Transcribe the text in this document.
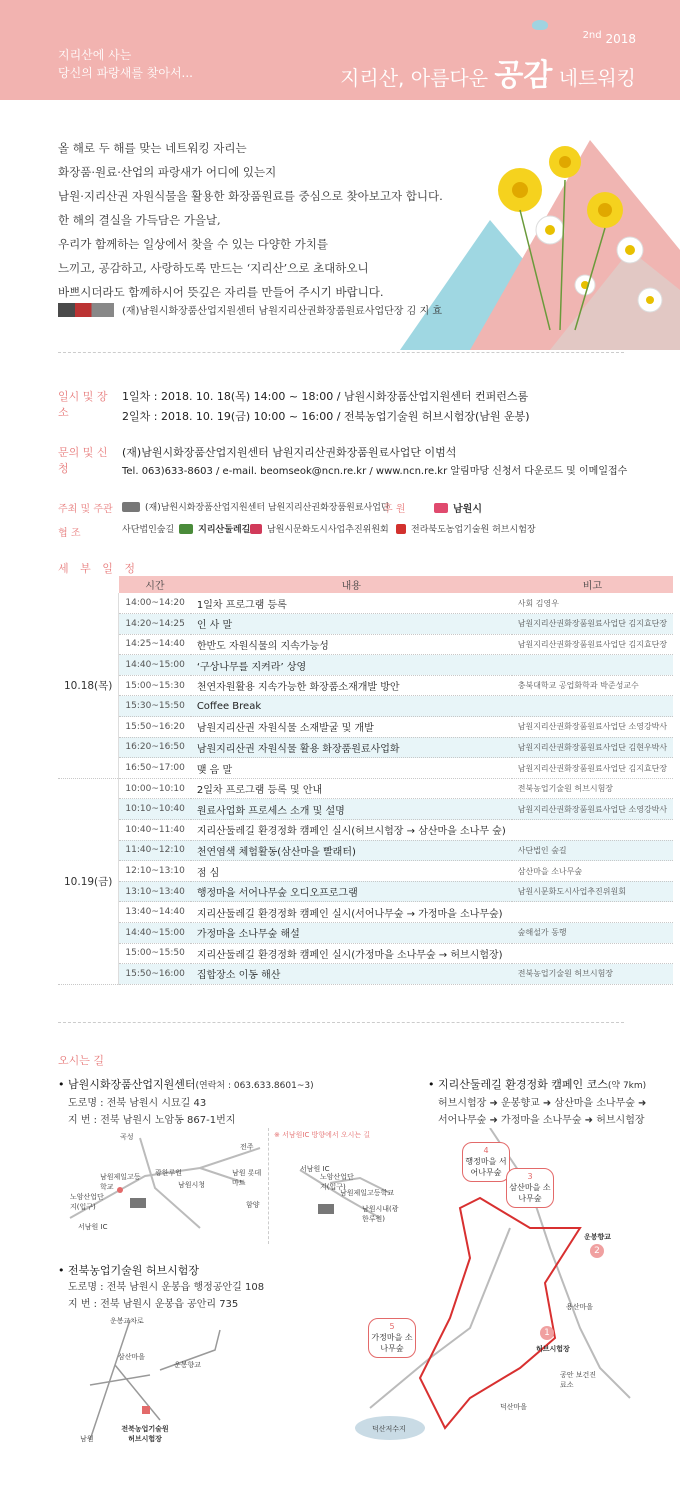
지리산에 사는
당신의 파랑새를 찾아서...
$^{2nd}$ 2018
지리산, 아름다운 공감 네트워킹
올 해로 두 해를 맞는 네트워킹 자리는
화장품·원료·산업의 파랑새가 어디에 있는지
남원·지리산권 자원식물을 활용한 화장품원료를 중심으로 찾아보고자 합니다.
한 해의 결실을 가득담은 가을날,
우리가 함께하는 일상에서 찾을 수 있는 다양한 가치를
느끼고, 공감하고, 사랑하도록 만드는 ‘지리산’으로 초대하오니
바쁘시더라도 함께하시어 뜻깊은 자리를 만들어 주시기 바랍니다.
(재)남원시화장품산업지원센터 남원지리산권화장품원료사업단장 김 지 효
일시 및 장소
1일차 : 2018. 10. 18(목) 14:00 ~ 18:00 / 남원시화장품산업지원센터 컨퍼런스룸
2일차 : 2018. 10. 19(금) 10:00 ~ 16:00 / 전북농업기술원 허브시험장(남원 운봉)
문의 및 신청
(재)남원시화장품산업지원센터 남원지리산권화장품원료사업단 이범석
Tel. 063)633-8603 / e-mail. beomseok@ncn.re.kr / www.ncn.re.kr 알림마당 신청서 다운로드 및 이메일접수
주최 및 주관	(재)남원시화장품산업지원센터 남원지리산권화장품원료사업단
후 원	남원시
협 조	사단법인숲길	지리산둘레길 남원시문화도시사업추진위원회 전라북도농업기술원 허브시험장
세 부 일 정
	시간	내용	비고
10.18(목)	14:00~14:20	1일차 프로그램 등록	사회 김영우
	14:20~14:25	인 사 말	남원지리산권화장품원료사업단 김지효단장
	14:25~14:40	한반도 자원식물의 지속가능성	남원지리산권화장품원료사업단 김지효단장
	14:40~15:00	‘구상나무를 지켜라’ 상영	
	15:00~15:30	천연자원활용 지속가능한 화장품소재개발 방안	충북대학교 공업화학과 박준성교수
	15:30~15:50	Coffee Break	
	15:50~16:20	남원지리산권 자원식물 소재발굴 및 개발	남원지리산권화장품원료사업단 소영강박사
	16:20~16:50	남원지리산권 자원식물 활용 화장품원료사업화	남원지리산권화장품원료사업단 김현우박사
	16:50~17:00	맺 음 말	남원지리산권화장품원료사업단 김지효단장
10.19(금)	10:00~10:10	2일차 프로그램 등록 및 안내	전북농업기술원 허브시험장
	10:10~10:40	원료사업화 프로세스 소개 및 설명	남원지리산권화장품원료사업단 소영강박사
	10:40~11:40	지리산둘레길 환경정화 캠페인 실시(허브시험장 → 삼산마을 소나무 숲)	
	11:40~12:10	천연염색 체험활동(삼산마을 빨래터)	사단법인 숲길
	12:10~13:10	점 심	삼산마을 소나무숲
	13:10~13:40	행정마을 서어나무숲 오디오프로그램	남원시문화도시사업추진위원회
	13:40~14:40	지리산둘레길 환경정화 캠페인 실시(서어나무숲 → 가정마을 소나무숲)	
	14:40~15:00	가정마을 소나무숲 해설	숲해설가 동행
	15:00~15:50	지리산둘레길 환경정화 캠페인 실시(가정마을 소나무숲 → 허브시험장)	
	15:50~16:00	집합장소 이동 해산	전북농업기술원 허브시험장
오시는 길
• 남원시화장품산업지원센터(연락처 : 063.633.8601~3)
도로명 : 전북 남원시 시묘길 43
지 번 : 전북 남원시 노암동 867-1번지
• 지리산둘레길 환경정화 캠페인 코스(약 7km)
허브시험장 ➜ 운봉향교 ➜ 삼산마을 소나무숲 ➜
서어나무숲 ➜ 가정마을 소나무숲 ➜ 허브시험장
곡성
전주
광한루원
남원시청
남원제일고등학교
노암산업단지(입구)
서남원 IC
남원 롯데마트
함양
※ 서남원IC 방향에서 오시는 길
서남원 IC
노암산업단지(입구)
남원제일고등학교
남원시내(광한루원)
• 전북농업기술원 허브시험장
도로명 : 전북 남원시 운봉읍 행정공안길 108
지 번 : 전북 남원시 운봉읍 공안리 735
운봉교차로
삼산마을
운봉향교
남원
전북농업기술원 허브시험장
4
행정마을 서어나무숲	3
삼산마을 소나무숲
5
가정마을 소나무숲
운봉향교
2
1
허브시험장
용산마을
공안 보건진료소
덕산마을
덕산저수지
